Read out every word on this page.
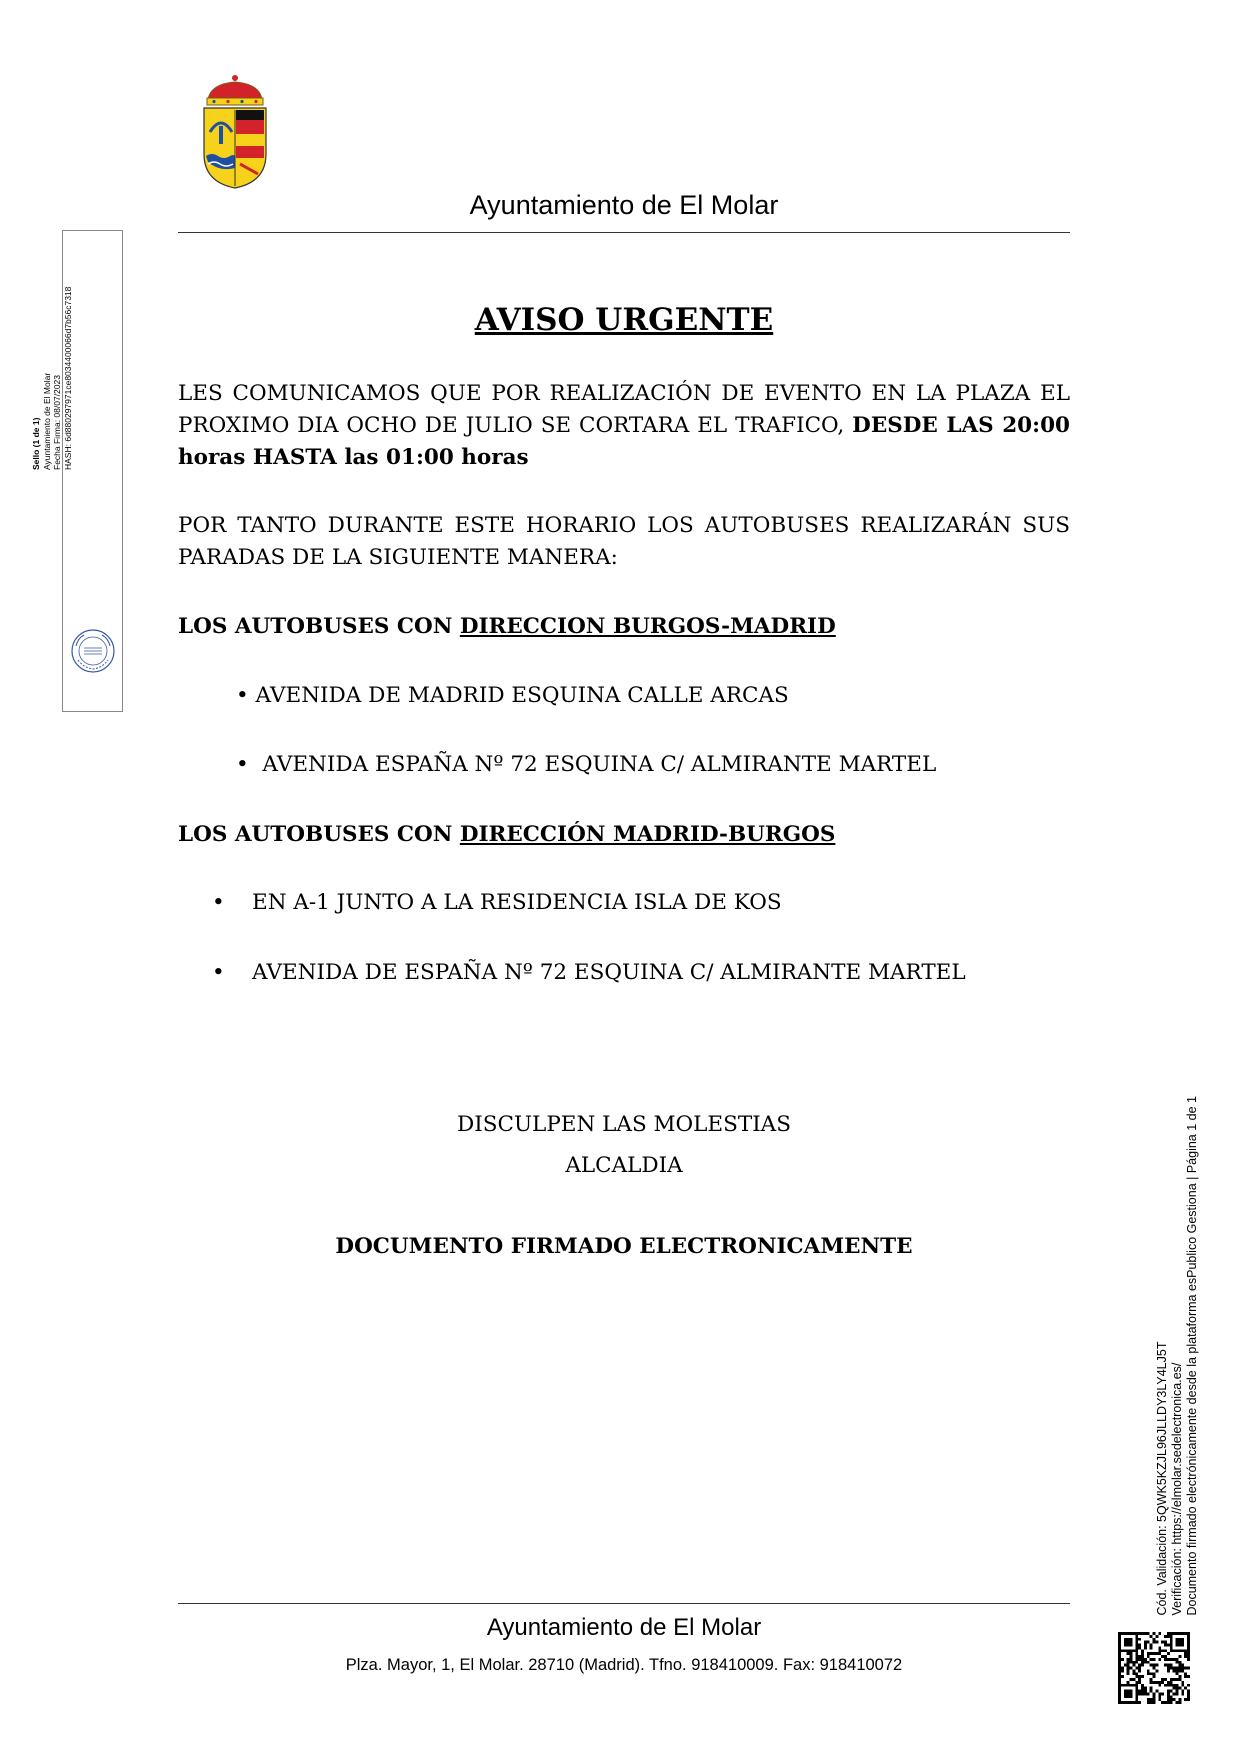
Ayuntamiento de El Molar
Sello (1 de 1) Ayuntamiento de El Molar Fecha Firma: 08/07/2023 HASH: 6d880297971ce8034400066d7b56c7318	AVISO URGENTE
LES COMUNICAMOS QUE POR REALIZACIÓN DE EVENTO EN LA PLAZA EL PROXIMO DIA OCHO DE JULIO SE CORTARA EL TRAFICO, DESDE LAS 20:00 horas HASTA las 01:00 horas
POR TANTO DURANTE ESTE HORARIO LOS AUTOBUSES REALIZARÁN SUS PARADAS DE LA SIGUIENTE MANERA:
LOS AUTOBUSES CON DIRECCION BURGOS-MADRID
• AVENIDA DE MADRID ESQUINA CALLE ARCAS
• AVENIDA ESPAÑA Nº 72 ESQUINA C/ ALMIRANTE MARTEL
LOS AUTOBUSES CON DIRECCIÓN MADRID-BURGOS
• EN A-1 JUNTO A LA RESIDENCIA ISLA DE KOS
• AVENIDA DE ESPAÑA Nº 72 ESQUINA C/ ALMIRANTE MARTEL
DISCULPEN LAS MOLESTIAS
ALCALDIA
DOCUMENTO FIRMADO ELECTRONICAMENTE
Cód. Validación: 5QWK5KZJL96JLLDY3LY4LJ5T Verificación: https://elmolar.sedelectronica.es/ Documento firmado electrónicamente desde la plataforma esPublico Gestiona | Página 1 de 1
Ayuntamiento de El Molar
Plza. Mayor, 1, El Molar. 28710 (Madrid). Tfno. 918410009. Fax: 918410072
